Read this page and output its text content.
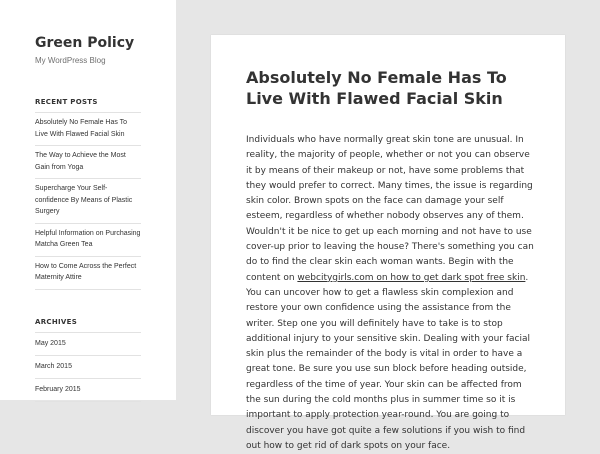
Green Policy

My WordPress Blog

RECENT POSTS
Absolutely No Female Has To Live With Flawed Facial Skin
The Way to Achieve the Most Gain from Yoga
Supercharge Your Self-confidence By Means of Plastic Surgery
Helpful Information on Purchasing Matcha Green Tea
How to Come Across the Perfect Maternity Attire
ARCHIVES
May 2015
March 2015
February 2015
Absolutely No Female Has To Live With Flawed Facial Skin
Individuals who have normally great skin tone are unusual. In reality, the majority of people, whether or not you can observe it by means of their makeup or not, have some problems that they would prefer to correct. Many times, the issue is regarding skin color. Brown spots on the face can damage your self esteem, regardless of whether nobody observes any of them. Wouldn't it be nice to get up each morning and not have to use cover-up prior to leaving the house? There's something you can do to find the clear skin each woman wants. Begin with the content on webcitygirls.com on how to get dark spot free skin. You can uncover how to get a flawless skin complexion and restore your own confidence using the assistance from the writer. Step one you will definitely have to take is to stop additional injury to your sensitive skin. Dealing with your facial skin plus the remainder of the body is vital in order to have a great tone. Be sure you use sun block before heading outside, regardless of the time of year. Your skin can be affected from the sun during the cold months plus in summer time so it is important to apply protection year-round. You are going to discover you have got quite a few solutions if you wish to find out how to get rid of dark spots on your face.
